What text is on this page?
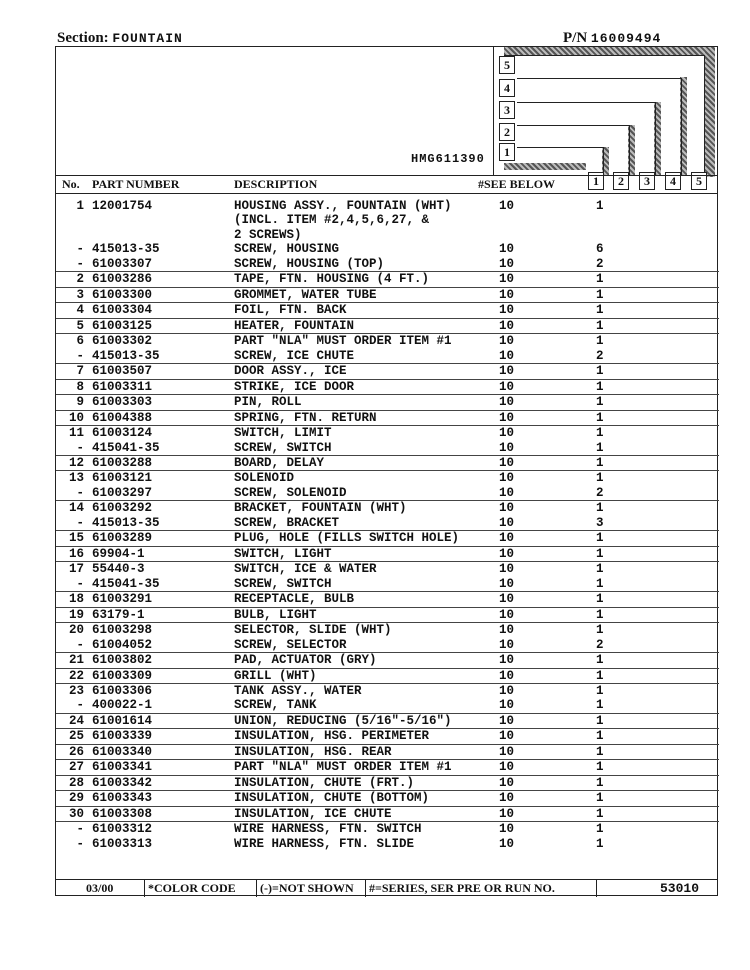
Section: FOUNTAIN	P/N 16009494
HMG611390
5
4
3
2
1
1	2	3	4	5
No. PART NUMBER	DESCRIPTION	#SEE BELOW
1 12001754	HOUSING ASSY., FOUNTAIN (WHT)	10	1
(INCL. ITEM #2,4,5,6,27, &
2 SCREWS)
- 415013-35	SCREW, HOUSING	10	6
- 61003307	SCREW, HOUSING (TOP)	10	2
2 61003286	TAPE, FTN. HOUSING (4 FT.)	10	1
3 61003300	GROMMET, WATER TUBE	10	1
4 61003304	FOIL, FTN. BACK	10	1
5 61003125	HEATER, FOUNTAIN	10	1
6 61003302	PART "NLA" MUST ORDER ITEM #1	10	1
- 415013-35	SCREW, ICE CHUTE	10	2
7 61003507	DOOR ASSY., ICE	10	1
8 61003311	STRIKE, ICE DOOR	10	1
9 61003303	PIN, ROLL	10	1
10 61004388	SPRING, FTN. RETURN	10	1
11 61003124	SWITCH, LIMIT	10	1
- 415041-35	SCREW, SWITCH	10	1
12 61003288	BOARD, DELAY	10	1
13 61003121	SOLENOID	10	1
- 61003297	SCREW, SOLENOID	10	2
14 61003292	BRACKET, FOUNTAIN (WHT)	10	1
- 415013-35	SCREW, BRACKET	10	3
15 61003289	PLUG, HOLE (FILLS SWITCH HOLE)	10	1
16 69904-1	SWITCH, LIGHT	10	1
17 55440-3	SWITCH, ICE & WATER	10	1
- 415041-35	SCREW, SWITCH	10	1
18 61003291	RECEPTACLE, BULB	10	1
19 63179-1	BULB, LIGHT	10	1
20 61003298	SELECTOR, SLIDE (WHT)	10	1
- 61004052	SCREW, SELECTOR	10	2
21 61003802	PAD, ACTUATOR (GRY)	10	1
22 61003309	GRILL (WHT)	10	1
23 61003306	TANK ASSY., WATER	10	1
- 400022-1	SCREW, TANK	10	1
24 61001614	UNION, REDUCING (5/16"-5/16")	10	1
25 61003339	INSULATION, HSG. PERIMETER	10	1
26 61003340	INSULATION, HSG. REAR	10	1
27 61003341	PART "NLA" MUST ORDER ITEM #1	10	1
28 61003342	INSULATION, CHUTE (FRT.)	10	1
29 61003343	INSULATION, CHUTE (BOTTOM)	10	1
30 61003308	INSULATION, ICE CHUTE	10	1
- 61003312	WIRE HARNESS, FTN. SWITCH	10	1
- 61003313	WIRE HARNESS, FTN. SLIDE	10	1
03/00	*COLOR CODE (-)=NOT SHOWN #=SERIES, SER PRE OR RUN NO.	53010
